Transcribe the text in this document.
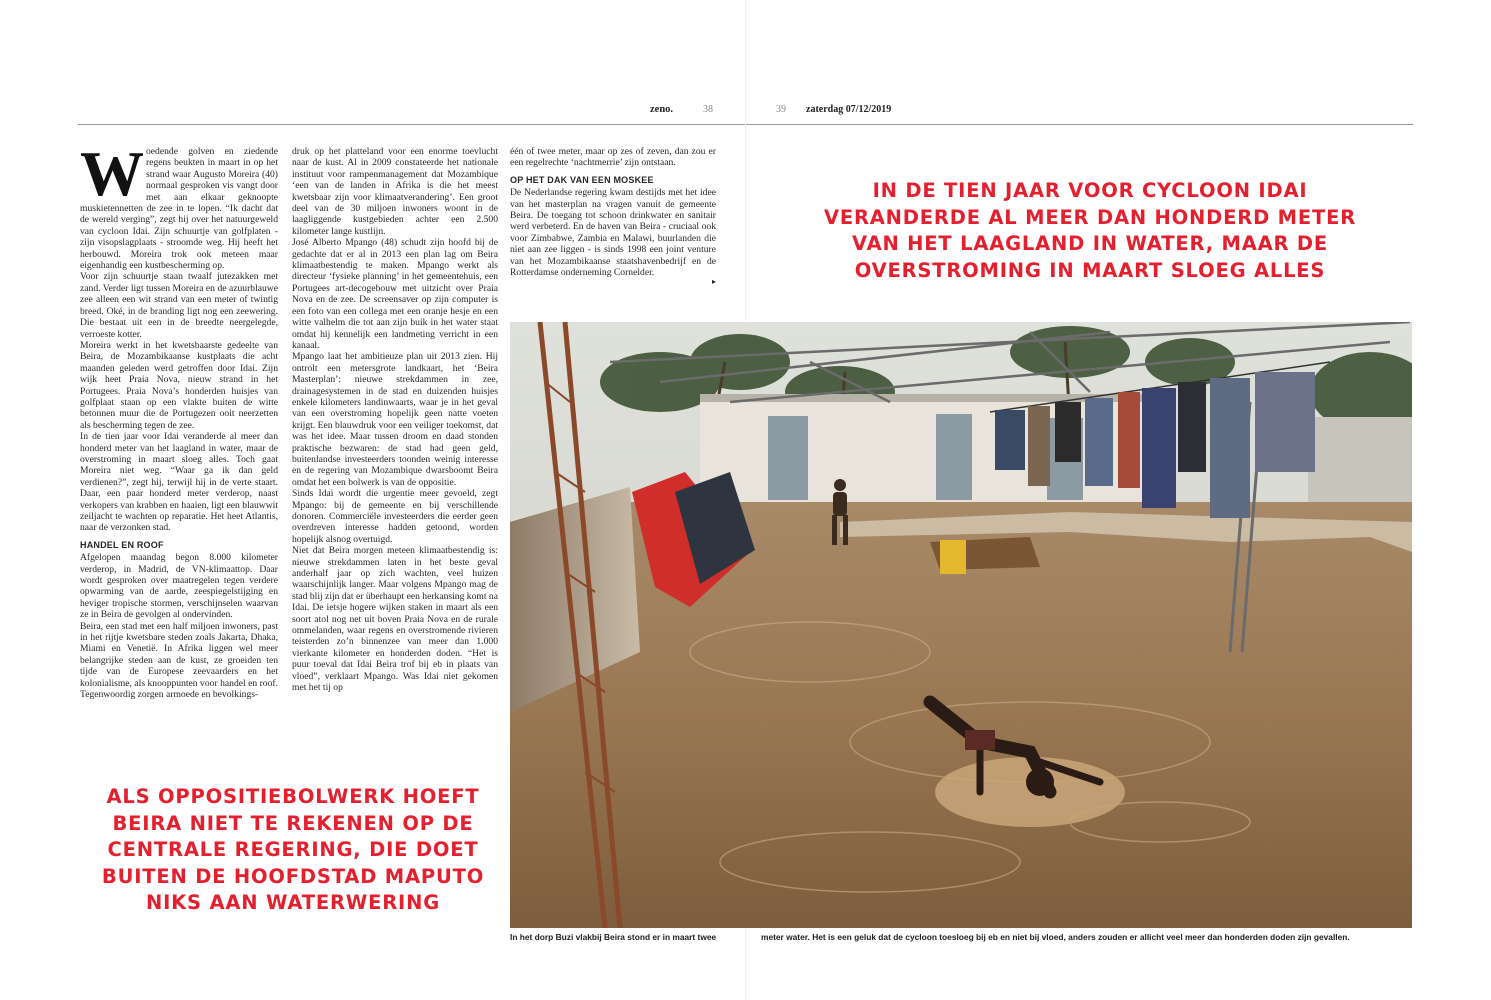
zeno.	38	39 zaterdag 07/12/2019

Woedende golven en ziedende regens beukten in maart in op het strand waar Augusto Moreira (40) normaal gesproken vis vangt door met aan elkaar geknoopte muskietennetten de zee in te lopen. “Ik dacht dat de wereld verging”, zegt hij over het natuurgeweld van cycloon Idai. Zijn schuurtje van golfplaten - zijn visopslagplaats - stroomde weg. Hij heeft het herbouwd. Moreira trok ook meteen maar eigenhandig een kustbescherming op.

Voor zijn schuurtje staan twaalf jutezakken met zand. Verder ligt tussen Moreira en de azuurblauwe zee alleen een wit strand van een meter of twintig breed. Oké, in de branding ligt nog een zeewering. Die bestaat uit een in de breedte neergelegde, verroeste kotter.

Moreira werkt in het kwetsbaarste gedeelte van Beira, de Mozambikaanse kustplaats die acht maanden geleden werd getroffen door Idai. Zijn wijk heet Praia Nova, nieuw strand in het Portugees. Praia Nova’s honderden huisjes van golfplaat staan op een vlakte buiten de witte betonnen muur die de Portugezen ooit neerzetten als bescherming tegen de zee.

In de tien jaar voor Idai veranderde al meer dan honderd meter van het laagland in water, maar de overstroming in maart sloeg alles. Toch gaat Moreira niet weg. “Waar ga ik dan geld verdienen?”, zegt hij, terwijl hij in de verte staart. Daar, een paar honderd meter verderop, naast verkopers van krabben en haaien, ligt een blauwwit zeiljacht te wachten op reparatie. Het heet Atlantis, naar de verzonken stad.

HANDEL EN ROOF

Afgelopen maandag begon 8.000 kilometer verderop, in Madrid, de VN-klimaattop. Daar wordt gesproken over maatregelen tegen verdere opwarming van de aarde, zeespiegelstijging en heviger tropische stormen, verschijnselen waarvan ze in Beira de gevolgen al ondervinden.

Beira, een stad met een half miljoen inwoners, past in het rijtje kwetsbare steden zoals Jakarta, Dhaka, Miami en Venetië. In Afrika liggen wel meer belangrijke steden aan de kust, ze groeiden ten tijde van de Europese zeevaarders en het kolonialisme, als knooppunten voor handel en roof. Tegenwoordig zorgen armoede en bevolkings-

druk op het platteland voor een enorme toevlucht naar de kust. Al in 2009 constateerde het nationale instituut voor rampenmanagement dat Mozambique ‘een van de landen in Afrika is die het meest kwetsbaar zijn voor klimaatverandering’. Een groot deel van de 30 miljoen inwoners woont in de laagliggende kustgebieden achter een 2.500 kilometer lange kustlijn.

José Alberto Mpango (48) schudt zijn hoofd bij de gedachte dat er al in 2013 een plan lag om Beira klimaatbestendig te maken. Mpango werkt als directeur ‘fysieke planning’ in het gemeentehuis, een Portugees art-decogebouw met uitzicht over Praia Nova en de zee. De screensaver op zijn computer is een foto van een collega met een oranje hesje en een witte valhelm die tot aan zijn buik in het water staat omdat hij kennelijk een landmeting verricht in een kanaal.

Mpango laat het ambitieuze plan uit 2013 zien. Hij ontrolt een metersgrote landkaart, het ‘Beira Masterplan’: nieuwe strekdammen in zee, drainagesystemen in de stad en duizenden huisjes enkele kilometers landinwaarts, waar je in het geval van een overstroming hopelijk geen natte voeten krijgt. Een blauwdruk voor een veiliger toekomst, dat was het idee. Maar tussen droom en daad stonden praktische bezwaren: de stad had geen geld, buitenlandse investeerders toonden weinig interesse en de regering van Mozambique dwarsboomt Beira omdat het een bolwerk is van de oppositie.

Sinds Idai wordt die urgentie meer gevoeld, zegt Mpango: bij de gemeente en bij verschillende donoren. Commerciële investeerders die eerder geen overdreven interesse hadden getoond, worden hopelijk alsnog overtuigd.

Niet dat Beira morgen meteen klimaatbestendig is: nieuwe strekdammen laten in het beste geval anderhalf jaar op zich wachten, veel huizen waarschijnlijk langer. Maar volgens Mpango mag de stad blij zijn dat er überhaupt een herkansing komt na Idai. De ietsje hogere wijken staken in maart als een soort atol nog net uit boven Praia Nova en de rurale ommelanden, waar regens en overstromende rivieren teisterden zo’n binnenzee van meer dan 1.000 vierkante kilometer en honderden doden. “Het is puur toeval dat Idai Beira trof bij eb in plaats van vloed”, verklaart Mpango. Was Idai niet gekomen met het tij op

één of twee meter, maar op zes of zeven, dan zou er een regelrechte ‘nachtmerrie’ zijn ontstaan.

OP HET DAK VAN EEN MOSKEE

De Nederlandse regering kwam destijds met het idee van het masterplan na vragen vanuit de gemeente Beira. De toegang tot schoon drinkwater en sanitair werd verbeterd. En de haven van Beira - cruciaal ook voor Zimbabwe, Zambia en Malawi, buurlanden die niet aan zee liggen - is sinds 1998 een joint venture van het Mozambikaanse staatshavenbedrijf en de Rotterdamse onderneming Cornelder.

▸
IN DE TIEN JAAR VOOR CYCLOON IDAI
VERANDERDE AL MEER DAN HONDERD METER
VAN HET LAAGLAND IN WATER, MAAR DE
OVERSTROMING IN MAART SLOEG ALLES
ALS OPPOSITIEBOLWERK HOEFT
BEIRA NIET TE REKENEN OP DE
CENTRALE REGERING, DIE DOET
BUITEN DE HOOFDSTAD MAPUTO
NIKS AAN WATERWERING
In het dorp Buzi vlakbij Beira stond er in maart twee	meter water. Het is een geluk dat de cycloon toesloeg bij eb en niet bij vloed, anders zouden er allicht veel meer dan honderden doden zijn gevallen.
